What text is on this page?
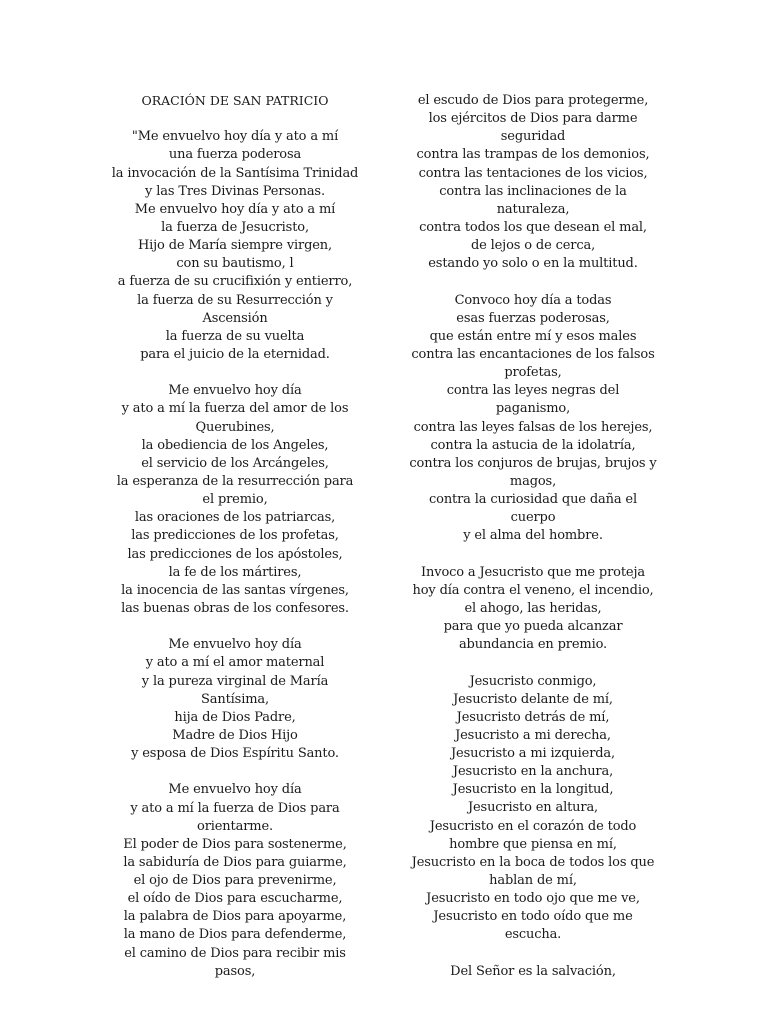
ORACIÓN DE SAN PATRICIO
"Me envuelvo hoy día y ato a mí
una fuerza poderosa
la invocación de la Santísima Trinidad
y las Tres Divinas Personas.
Me envuelvo hoy día y ato a mí
la fuerza de Jesucristo,
Hijo de María siempre virgen,
con su bautismo, l
a fuerza de su crucifixión y entierro,
la fuerza de su Resurrección y
Ascensión
la fuerza de su vuelta
para el juicio de la eternidad.
Me envuelvo hoy día
y ato a mí la fuerza del amor de los
Querubines,
la obediencia de los Angeles,
el servicio de los Arcángeles,
la esperanza de la resurrección para
el premio,
las oraciones de los patriarcas,
las predicciones de los profetas,
las predicciones de los apóstoles,
la fe de los mártires,
la inocencia de las santas vírgenes,
las buenas obras de los confesores.
Me envuelvo hoy día
y ato a mí el amor maternal
y la pureza virginal de María
Santísima,
hija de Dios Padre,
Madre de Dios Hijo
y esposa de Dios Espíritu Santo.
Me envuelvo hoy día
y ato a mí la fuerza de Dios para
orientarme.
El poder de Dios para sostenerme,
la sabiduría de Dios para guiarme,
el ojo de Dios para prevenirme,
el oído de Dios para escucharme,
la palabra de Dios para apoyarme,
la mano de Dios para defenderme,
el camino de Dios para recibir mis
pasos,
el escudo de Dios para protegerme,
los ejércitos de Dios para darme
seguridad
contra las trampas de los demonios,
contra las tentaciones de los vicios,
contra las inclinaciones de la
naturaleza,
contra todos los que desean el mal,
de lejos o de cerca,
estando yo solo o en la multitud.
Convoco hoy día a todas
esas fuerzas poderosas,
que están entre mí y esos males
contra las encantaciones de los falsos
profetas,
contra las leyes negras del
paganismo,
contra las leyes falsas de los herejes,
contra la astucia de la idolatría,
contra los conjuros de brujas, brujos y
magos,
contra la curiosidad que daña el
cuerpo
y el alma del hombre.
Invoco a Jesucristo que me proteja
hoy día contra el veneno, el incendio,
el ahogo, las heridas,
para que yo pueda alcanzar
abundancia en premio.
Jesucristo conmigo,
Jesucristo delante de mí,
Jesucristo detrás de mí,
Jesucristo a mi derecha,
Jesucristo a mi izquierda,
Jesucristo en la anchura,
Jesucristo en la longitud,
Jesucristo en altura,
Jesucristo en el corazón de todo
hombre que piensa en mí,
Jesucristo en la boca de todos los que
hablan de mí,
Jesucristo en todo ojo que me ve,
Jesucristo en todo oído que me
escucha.
Del Señor es la salvación,
